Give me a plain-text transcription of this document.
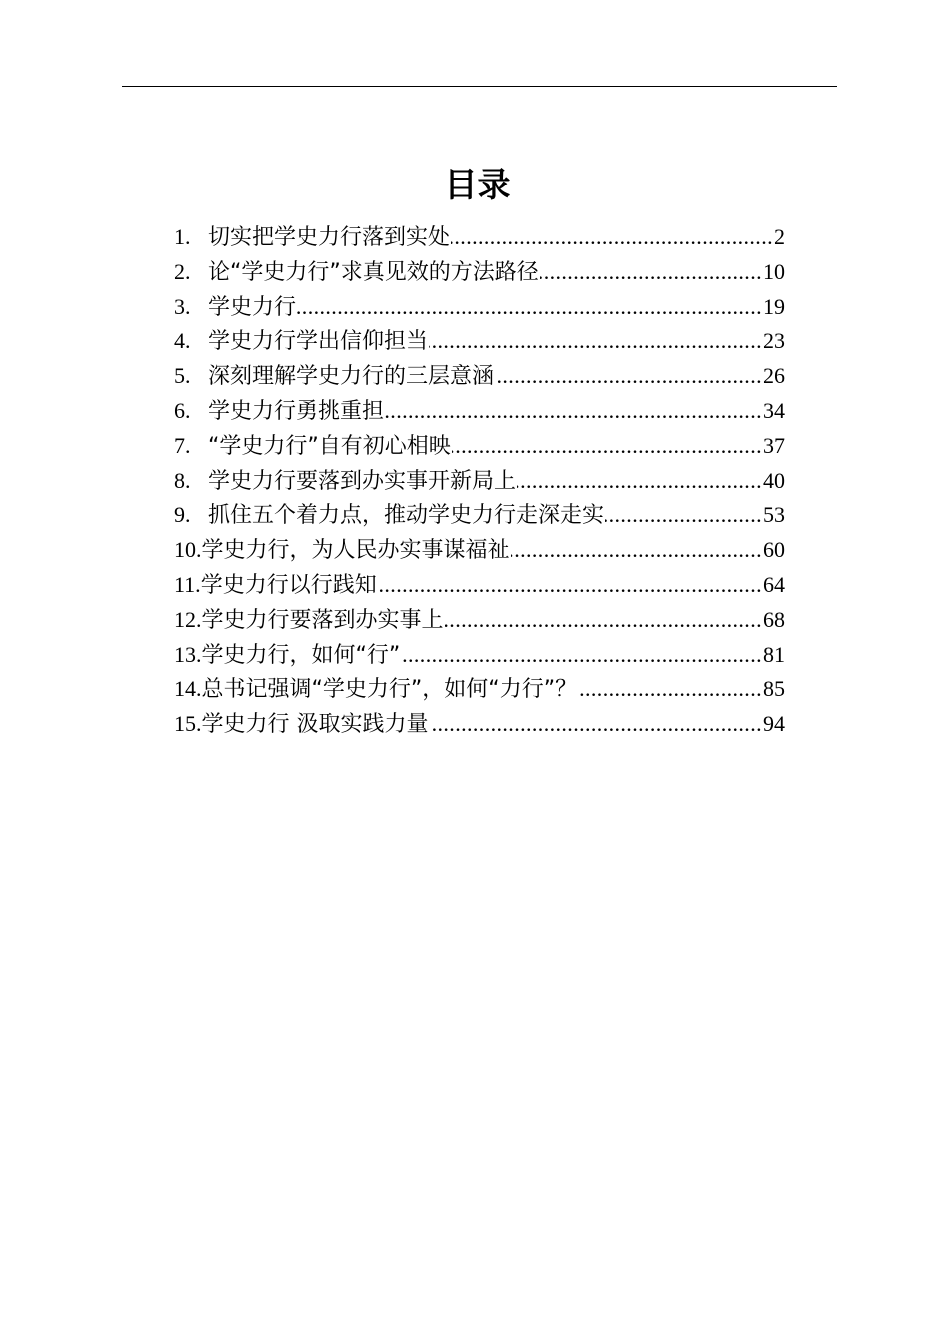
目录
1. 切实把学史力行落到实处 .....	2
2. 论“学史力行”求真见效的方法路径 .....	10
3. 学史力行 .....	19
4. 学史力行学出信仰担当 .....	23
5. 深刻理解学史力行的三层意涵 .....	26
6. 学史力行勇挑重担 .....	34
7. “学史力行”自有初心相映 .....	37
8. 学史力行要落到办实事开新局上 .....	40
9. 抓住五个着力点，推动学史力行走深走实 .....	53
10. 学史力行，为人民办实事谋福祉 .....	60
11. 学史力行以行践知 .....	64
12. 学史力行要落到办实事上 .....	68
13. 学史力行，如何“行” .....	81
14. 总书记强调“学史力行”，如何“力行”？ .....	85
15. 学史力行 汲取实践力量 .....	94
